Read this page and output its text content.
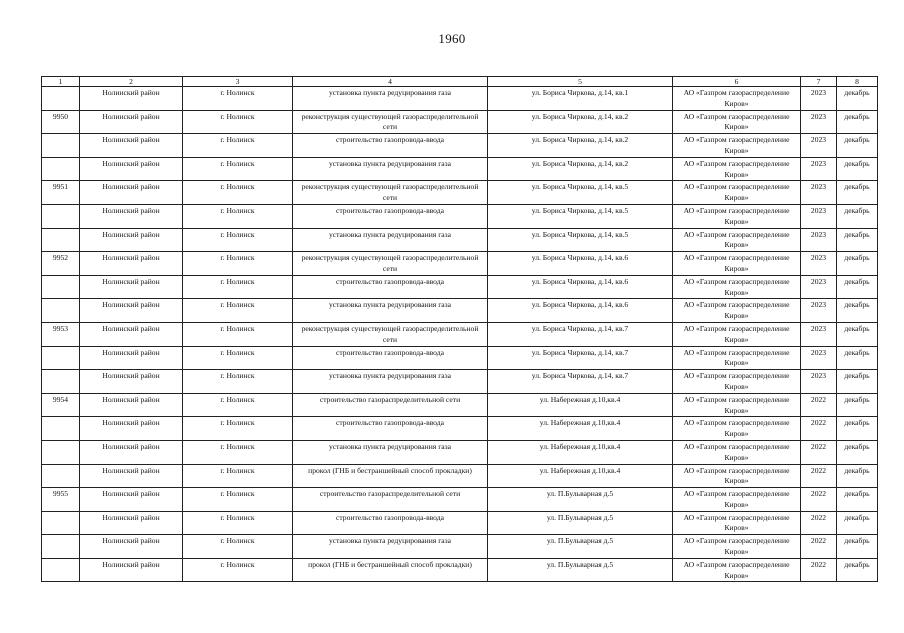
1960
1	2	3	4	5	6	7	8
	Нолинский район	г. Нолинск	установка пункта редуцирования газа	ул. Бориса Чиркова, д.14, кв.1	АО «Газпром газораспределение Киров»	2023	декабрь
9950	Нолинский район	г. Нолинск	реконструкция существующей газораспределительной сети	ул. Бориса Чиркова, д.14, кв.2	АО «Газпром газораспределение Киров»	2023	декабрь
	Нолинский район	г. Нолинск	строительство газопровода-ввода	ул. Бориса Чиркова, д.14, кв.2	АО «Газпром газораспределение Киров»	2023	декабрь
	Нолинский район	г. Нолинск	установка пункта редуцирования газа	ул. Бориса Чиркова, д.14, кв.2	АО «Газпром газораспределение Киров»	2023	декабрь
9951	Нолинский район	г. Нолинск	реконструкция существующей газораспределительной сети	ул. Бориса Чиркова, д.14, кв.5	АО «Газпром газораспределение Киров»	2023	декабрь
	Нолинский район	г. Нолинск	строительство газопровода-ввода	ул. Бориса Чиркова, д.14, кв.5	АО «Газпром газораспределение Киров»	2023	декабрь
	Нолинский район	г. Нолинск	установка пункта редуцирования газа	ул. Бориса Чиркова, д.14, кв.5	АО «Газпром газораспределение Киров»	2023	декабрь
9952	Нолинский район	г. Нолинск	реконструкция существующей газораспределительной сети	ул. Бориса Чиркова, д.14, кв.6	АО «Газпром газораспределение Киров»	2023	декабрь
	Нолинский район	г. Нолинск	строительство газопровода-ввода	ул. Бориса Чиркова, д.14, кв.6	АО «Газпром газораспределение Киров»	2023	декабрь
	Нолинский район	г. Нолинск	установка пункта редуцирования газа	ул. Бориса Чиркова, д.14, кв.6	АО «Газпром газораспределение Киров»	2023	декабрь
9953	Нолинский район	г. Нолинск	реконструкция существующей газораспределительной сети	ул. Бориса Чиркова, д.14, кв.7	АО «Газпром газораспределение Киров»	2023	декабрь
	Нолинский район	г. Нолинск	строительство газопровода-ввода	ул. Бориса Чиркова, д.14, кв.7	АО «Газпром газораспределение Киров»	2023	декабрь
	Нолинский район	г. Нолинск	установка пункта редуцирования газа	ул. Бориса Чиркова, д.14, кв.7	АО «Газпром газораспределение Киров»	2023	декабрь
9954	Нолинский район	г. Нолинск	строительство газораспределительной сети	ул. Набережная д.10,кв.4	АО «Газпром газораспределение Киров»	2022	декабрь
	Нолинский район	г. Нолинск	строительство газопровода-ввода	ул. Набережная д.10,кв.4	АО «Газпром газораспределение Киров»	2022	декабрь
	Нолинский район	г. Нолинск	установка пункта редуцирования газа	ул. Набережная д.10,кв.4	АО «Газпром газораспределение Киров»	2022	декабрь
	Нолинский район	г. Нолинск	прокол (ГНБ и бестраншейный способ прокладки)	ул. Набережная д.10,кв.4	АО «Газпром газораспределение Киров»	2022	декабрь
9955	Нолинский район	г. Нолинск	строительство газораспределительной сети	ул. П.Бульварная д.5	АО «Газпром газораспределение Киров»	2022	декабрь
	Нолинский район	г. Нолинск	строительство газопровода-ввода	ул. П.Бульварная д.5	АО «Газпром газораспределение Киров»	2022	декабрь
	Нолинский район	г. Нолинск	установка пункта редуцирования газа	ул. П.Бульварная д.5	АО «Газпром газораспределение Киров»	2022	декабрь
	Нолинский район	г. Нолинск	прокол (ГНБ и бестраншейный способ прокладки)	ул. П.Бульварная д.5	АО «Газпром газораспределение Киров»	2022	декабрь
